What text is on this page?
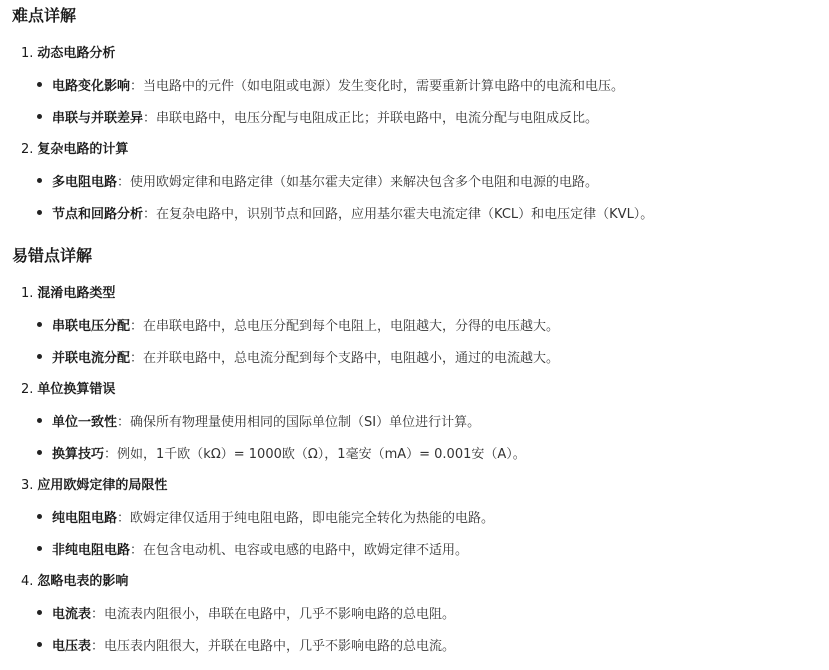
难点详解
1. 动态电路分析
电路变化影响：当电路中的元件（如电阻或电源）发生变化时，需要重新计算电路中的电流和电压。
串联与并联差异：串联电路中，电压分配与电阻成正比；并联电路中，电流分配与电阻成反比。
2. 复杂电路的计算
多电阻电路：使用欧姆定律和电路定律（如基尔霍夫定律）来解决包含多个电阻和电源的电路。
节点和回路分析：在复杂电路中，识别节点和回路，应用基尔霍夫电流定律（KCL）和电压定律（KVL）。
易错点详解
1. 混淆电路类型
串联电压分配：在串联电路中，总电压分配到每个电阻上，电阻越大，分得的电压越大。
并联电流分配：在并联电路中，总电流分配到每个支路中，电阻越小，通过的电流越大。
2. 单位换算错误
单位一致性：确保所有物理量使用相同的国际单位制（SI）单位进行计算。
换算技巧：例如，1千欧（kΩ）= 1000欧（Ω），1毫安（mA）= 0.001安（A）。
3. 应用欧姆定律的局限性
纯电阻电路：欧姆定律仅适用于纯电阻电路，即电能完全转化为热能的电路。
非纯电阻电路：在包含电动机、电容或电感的电路中，欧姆定律不适用。
4. 忽略电表的影响
电流表：电流表内阻很小，串联在电路中，几乎不影响电路的总电阻。
电压表：电压表内阻很大，并联在电路中，几乎不影响电路的总电流。
